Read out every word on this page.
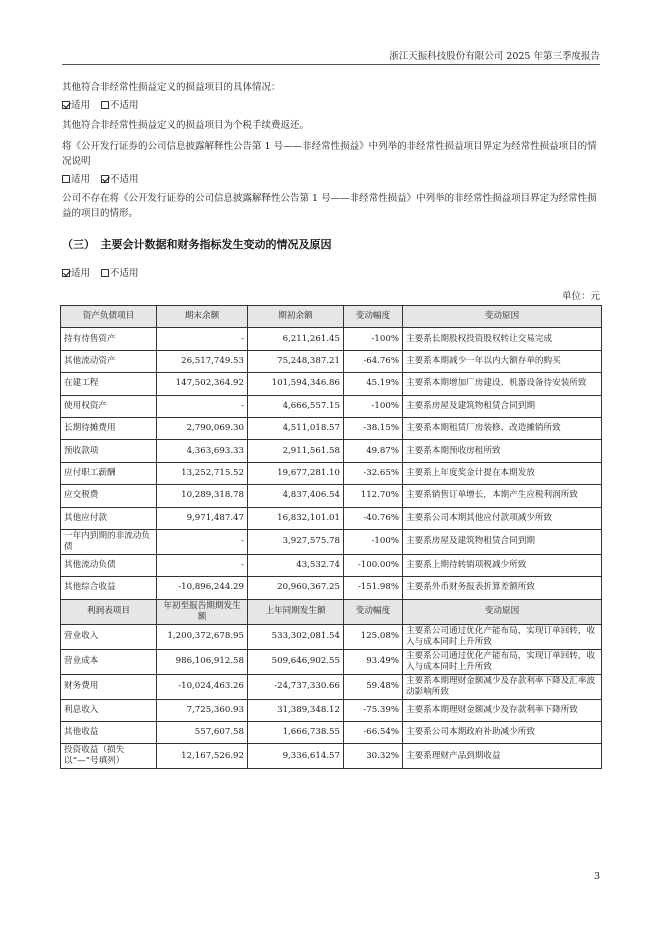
浙江天振科技股份有限公司 2025 年第三季度报告
其他符合非经常性损益定义的损益项目的具体情况：
适用 不适用
其他符合非经常性损益定义的损益项目为个税手续费返还。
将《公开发行证券的公司信息披露解释性公告第 1 号——非经常性损益》中列举的非经常性损益项目界定为经常性损益项目的情况说明
适用 不适用
公司不存在将《公开发行证券的公司信息披露解释性公告第 1 号——非经常性损益》中列举的非经常性损益项目界定为经常性损益的项目的情形。
（三）　主要会计数据和财务指标发生变动的情况及原因
适用 不适用
单位：元
资产负债项目	期末余额	期初余额	变动幅度	变动原因
持有待售资产	-	6,211,261.45	-100%	主要系长期股权投资股权转让交易完成
其他流动资产	26,517,749.53	75,248,387.21	-64.76%	主要系本期减少一年以内大额存单的购买
在建工程	147,502,364.92	101,594,346.86	45.19%	主要系本期增加厂房建设、机器设备待安装所致
使用权资产	-	4,666,557.15	-100%	主要系房屋及建筑物租赁合同到期
长期待摊费用	2,790,069.30	4,511,018.57	-38.15%	主要系本期租赁厂房装修、改造摊销所致
预收款项	4,363,693.33	2,911,561.58	49.87%	主要系本期预收房租所致
应付职工薪酬	13,252,715.52	19,677,281.10	-32.65%	主要系上年度奖金计提在本期发放
应交税费	10,289,318.78	4,837,406.54	112.70%	主要系销售订单增长，本期产生应税利润所致
其他应付款	9,971,487.47	16,832,101.01	-40.76%	主要系公司本期其他应付款项减少所致
一年内到期的非流动负债	-	3,927,575.78	-100%	主要系房屋及建筑物租赁合同到期
其他流动负债	-	43,532.74	-100.00%	主要系上期待转销项税减少所致
其他综合收益	-10,896,244.29	20,960,367.25	-151.98%	主要系外币财务报表折算差额所致
利润表项目	年初至报告期期发生额	上年同期发生额	变动幅度	变动原因
营业收入	1,200,372,678.95	533,302,081.54	125.08%	主要系公司通过优化产能布局，实现订单回转，收入与成本同时上升所致
营业成本	986,106,912.58	509,646,902.55	93.49%	主要系公司通过优化产能布局，实现订单回转，收入与成本同时上升所致
财务费用	-10,024,463.26	-24,737,330.66	59.48%	主要系本期理财金额减少及存款利率下降及汇率波动影响所致
利息收入	7,725,360.93	31,389,348.12	-75.39%	主要系本期理财金额减少及存款利率下降所致
其他收益	557,607.58	1,666,738.55	-66.54%	主要系公司本期政府补助减少所致
投资收益（损失以“—”号填列）	12,167,526.92	9,336,614.57	30.32%	主要系理财产品到期收益
3
